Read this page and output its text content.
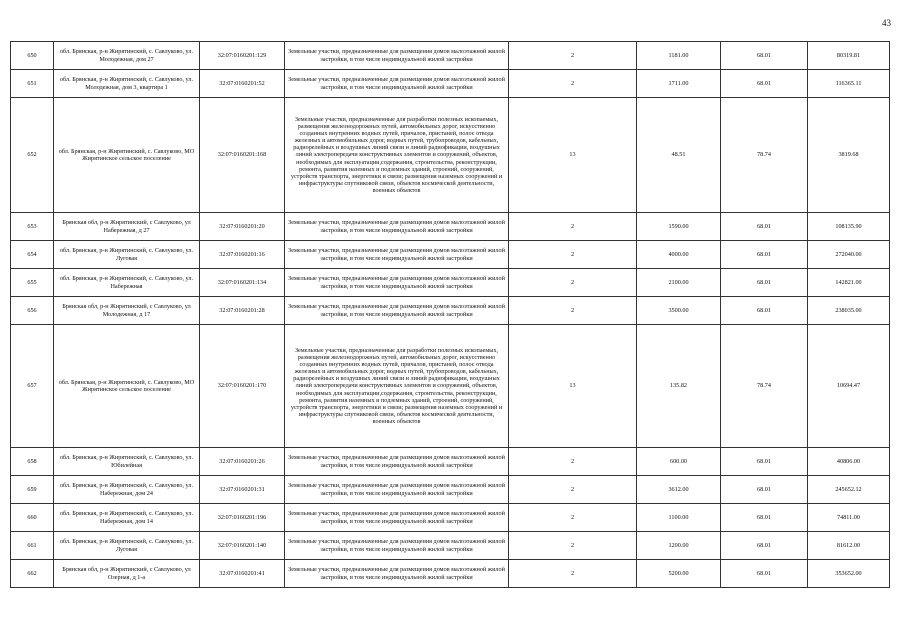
43
650	обл. Брянская, р-н Жирятинский, с. Савлуково, ул. Молодежная, дом 27	32:07:0160201:129	Земельные участки, предназначенные для размещения домов малоэтажной жилой застройки, в том числе индивидуальной жилой застройки	2	1181.00	68.01	80319.81
651	обл. Брянская, р-н Жирятинский, с. Савлуково, ул. Молодежная, дом 3, квартира 1	32:07:0160201:52	Земельные участки, предназначенные для размещения домов малоэтажной жилой застройки, в том числе индивидуальной жилой застройки	2	1711.00	68.01	116365.11
652	обл. Брянская, р-н Жирятинский, с. Савлуково, МО Жирятинское сельское поселение	32:07:0160201:168	Земельные участки, предназначенные для разработки полезных ископаемых, размещения железнодорожных путей, автомобильных дорог, искусственно созданных внутренних водных путей, причалов, пристаней, полос отвода железных и автомобильных дорог, водных путей, трубопроводов, кабельных, радиорелейных и воздушных линий связи и линий радиофикации, воздушных линий электропередачи конструктивных элементов и сооружений, объектов, необходимых для эксплуатации,содержания, строительства, реконструкции, ремонта, развития наземных и подземных зданий, строений, сооружений, устройств транспорта, энергетики и связи; размещения наземных сооружений и инфраструктуры спутниковой связи, объектов космической деятельности, военных объектов	13	48.51	78.74	3819.68
653	Брянская обл, р-н Жирятинский, с Савлуково, ул Набережная, д 27	32:07:0160201:20	Земельные участки, предназначенные для размещения домов малоэтажной жилой застройки, в том числе индивидуальной жилой застройки	2	1590.00	68.01	108135.90
654	обл. Брянская, р-н Жирятинский, с. Савлуково, ул. Луговая	32:07:0160201:16	Земельные участки, предназначенные для размещения домов малоэтажной жилой застройки, в том числе индивидуальной жилой застройки	2	4000.00	68.01	272040.00
655	обл. Брянская, р-н Жирятинский, с. Савлуково, ул. Набережная	32:07:0160201:134	Земельные участки, предназначенные для размещения домов малоэтажной жилой застройки, в том числе индивидуальной жилой застройки	2	2100.00	68.01	142821.00
656	Брянская обл, р-н Жирятинский, с Савлуково, ул Молодежная, д 17	32:07:0160201:28	Земельные участки, предназначенные для размещения домов малоэтажной жилой застройки, в том числе индивидуальной жилой застройки	2	3500.00	68.01	238035.00
657	обл. Брянская, р-н Жирятинский, с. Савлуково, МО Жирятинское сельское поселение	32:07:0160201:170	Земельные участки, предназначенные для разработки полезных ископаемых, размещения железнодорожных путей, автомобильных дорог, искусственно созданных внутренних водных путей, причалов, пристаней, полос отвода железных и автомобильных дорог, водных путей, трубопроводов, кабельных, радиорелейных и воздушных линий связи и линий радиофикации, воздушных линий электропередачи конструктивных элементов и сооружений, объектов, необходимых для эксплуатации,содержания, строительства, реконструкции, ремонта, развития наземных и подземных зданий, строений, сооружений, устройств транспорта, энергетики и связи; размещения наземных сооружений и инфраструктуры спутниковой связи, объектов космической деятельности, военных объектов	13	135.82	78.74	10694.47
658	обл. Брянская, р-н Жирятинский, с. Савлуково, ул. Юбилейная	32:07:0160201:26	Земельные участки, предназначенные для размещения домов малоэтажной жилой застройки, в том числе индивидуальной жилой застройки	2	600.00	68.01	40806.00
659	обл. Брянская, р-н Жирятинский, с. Савлуково, ул. Набережная, дом 24	32:07:0160201:31	Земельные участки, предназначенные для размещения домов малоэтажной жилой застройки, в том числе индивидуальной жилой застройки	2	3612.00	68.01	245652.12
660	обл. Брянская, р-н Жирятинский, с. Савлуково, ул. Набережная, дом 14	32:07:0160201:196	Земельные участки, предназначенные для размещения домов малоэтажной жилой застройки, в том числе индивидуальной жилой застройки	2	1100.00	68.01	74811.00
661	обл. Брянская, р-н Жирятинский, с. Савлуково, ул. Луговая	32:07:0160201:140	Земельные участки, предназначенные для размещения домов малоэтажной жилой застройки, в том числе индивидуальной жилой застройки	2	1200.00	68.01	81612.00
662	Брянская обл, р-н Жирятинский, с Савлуково, ул Озерная, д 1-а	32:07:0160201:41	Земельные участки, предназначенные для размещения домов малоэтажной жилой застройки, в том числе индивидуальной жилой застройки	2	5200.00	68.01	353652.00
